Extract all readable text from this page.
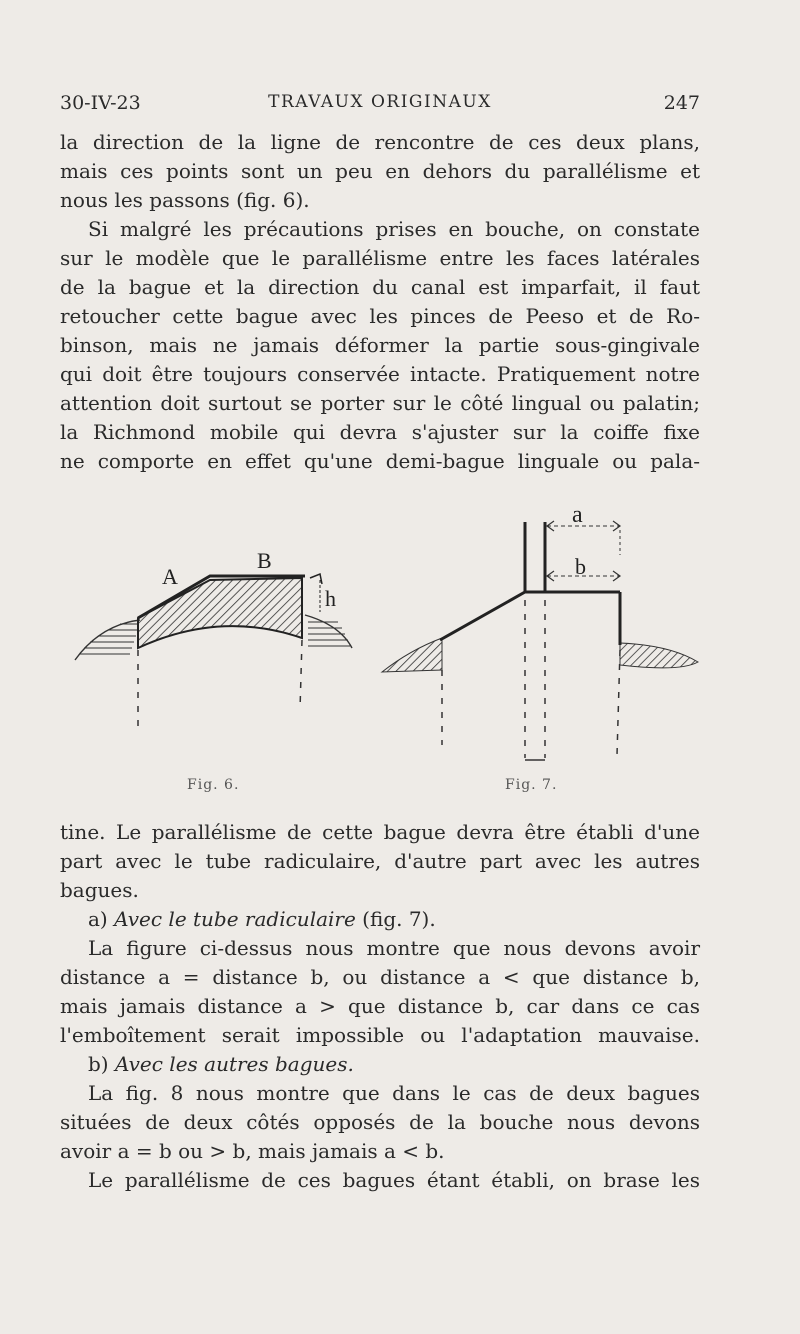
30-IV-23	TRAVAUX ORIGINAUX	247
la direction de la ligne de rencontre de ces deux plans,
mais ces points sont un peu en dehors du parallélisme et
nous les passons (fig. 6).
Si malgré les précautions prises en bouche, on constate
sur le modèle que le parallélisme entre les faces latérales
de la bague et la direction du canal est imparfait, il faut
retoucher cette bague avec les pinces de Peeso et de Ro-
binson, mais ne jamais déformer la partie sous-gingivale
qui doit être toujours conservée intacte. Pratiquement notre
attention doit surtout se porter sur le côté lingual ou palatin;
la Richmond mobile qui devra s'ajuster sur la coiffe fixe
ne comporte en effet qu'une demi-bague linguale ou pala-
A
B
h
Fig. 6.
a
b
Fig. 7.
tine. Le parallélisme de cette bague devra être établi d'une
part avec le tube radiculaire, d'autre part avec les autres
bagues.
a) Avec le tube radiculaire (fig. 7).
La figure ci-dessus nous montre que nous devons avoir
distance a = distance b, ou distance a < que distance b,
mais jamais distance a > que distance b, car dans ce cas
l'emboîtement serait impossible ou l'adaptation mauvaise.
b) Avec les autres bagues.
La fig. 8 nous montre que dans le cas de deux bagues
situées de deux côtés opposés de la bouche nous devons
avoir a = b ou > b, mais jamais a < b.
Le parallélisme de ces bagues étant établi, on brase les
